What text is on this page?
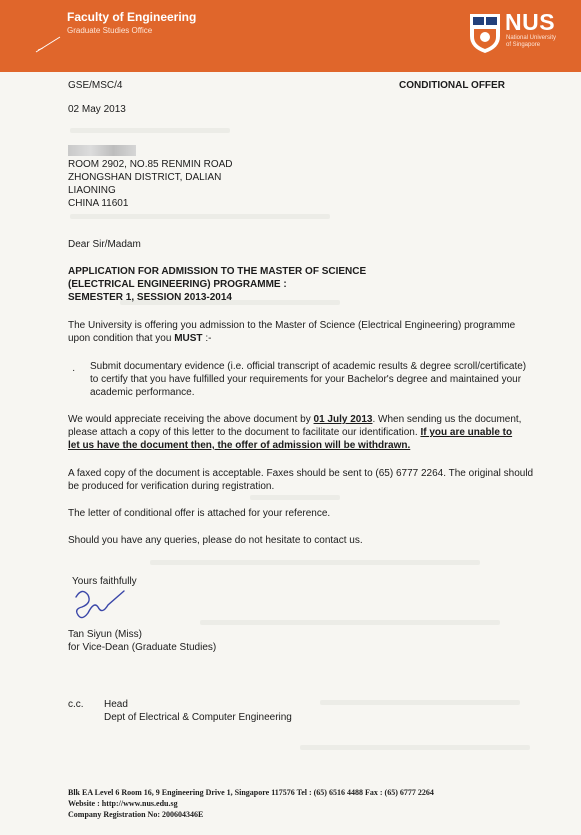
Faculty of Engineering
Graduate Studies Office	NUS
National University
of Singapore
GSE/MSC/4	CONDITIONAL OFFER
02 May 2013
ROOM 2902, NO.85 RENMIN ROAD
ZHONGSHAN DISTRICT, DALIAN
LIAONING
CHINA 11601
Dear Sir/Madam
APPLICATION FOR ADMISSION TO THE MASTER OF SCIENCE
(ELECTRICAL ENGINEERING) PROGRAMME :
SEMESTER 1, SESSION 2013-2014
The University is offering you admission to the Master of Science (Electrical Engineering) programme
upon condition that you MUST :-
· Submit documentary evidence (i.e. official transcript of academic results & degree scroll/certificate)
to certify that you have fulfilled your requirements for your Bachelor's degree and maintained your
academic performance.
We would appreciate receiving the above document by 01 July 2013. When sending us the document,
please attach a copy of this letter to the document to facilitate our identification. If you are unable to
let us have the document then, the offer of admission will be withdrawn.
A faxed copy of the document is acceptable. Faxes should be sent to (65) 6777 2264. The original should
be produced for verification during registration.
The letter of conditional offer is attached for your reference.
Should you have any queries, please do not hesitate to contact us.
Yours faithfully
Tan Siyun (Miss)
for Vice-Dean (Graduate Studies)
c.c. Head
Dept of Electrical & Computer Engineering
Blk EA Level 6 Room 16, 9 Engineering Drive 1, Singapore 117576 Tel : (65) 6516 4488 Fax : (65) 6777 2264
Website : http://www.nus.edu.sg
Company Registration No: 200604346E
